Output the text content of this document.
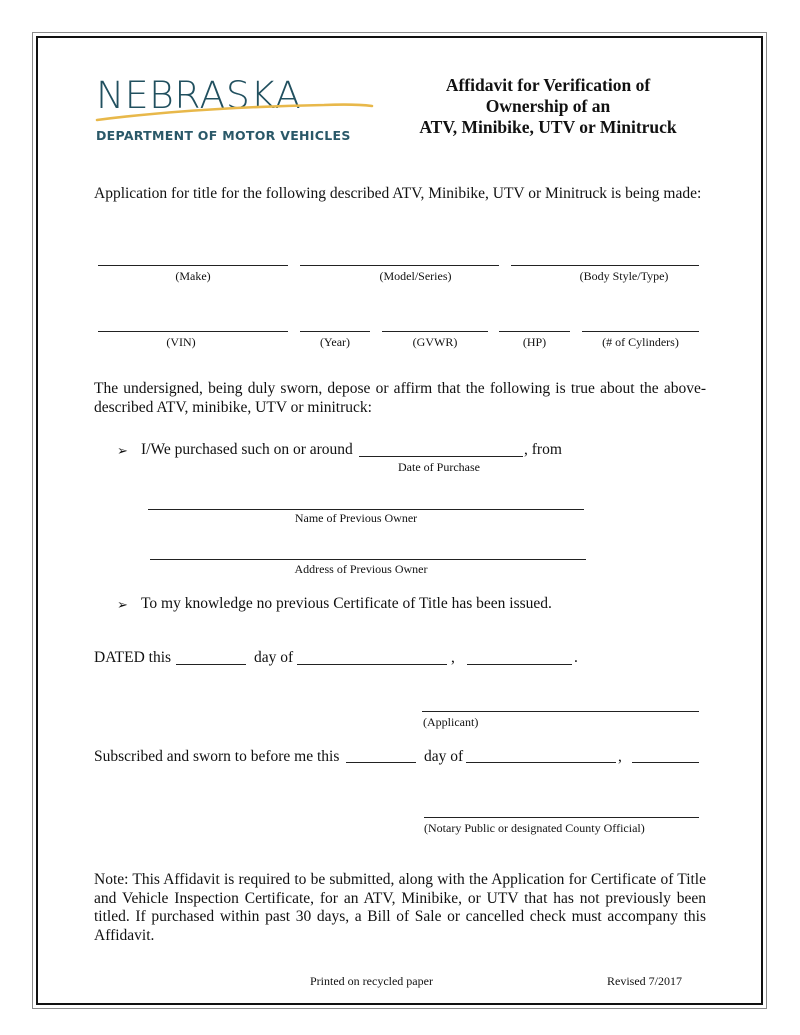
NEBRASKA
DEPARTMENT OF MOTOR VEHICLES
Affidavit for Verification of
Ownership of an
ATV, Minibike, UTV or Minitruck
Application for title for the following described ATV, Minibike, UTV or Minitruck is being made:
(Make)	(Model/Series)	(Body Style/Type)
(VIN)	(Year)	(GVWR)	(HP)	(# of Cylinders)
The undersigned, being duly sworn, depose or affirm that the following is true about the above-described ATV, minibike, UTV or minitruck:
➢ I/We purchased such on or around	, from
Date of Purchase
Name of Previous Owner
Address of Previous Owner
➢ To my knowledge no previous Certificate of Title has been issued.
DATED this	day of	,	.
(Applicant)
Subscribed and sworn to before me this	day of	,
(Notary Public or designated County Official)
Note: This Affidavit is required to be submitted, along with the Application for Certificate of Title and Vehicle Inspection Certificate, for an ATV, Minibike, or UTV that has not previously been titled. If purchased within past 30 days, a Bill of Sale or cancelled check must accompany this Affidavit.
Printed on recycled paper	Revised 7/2017
